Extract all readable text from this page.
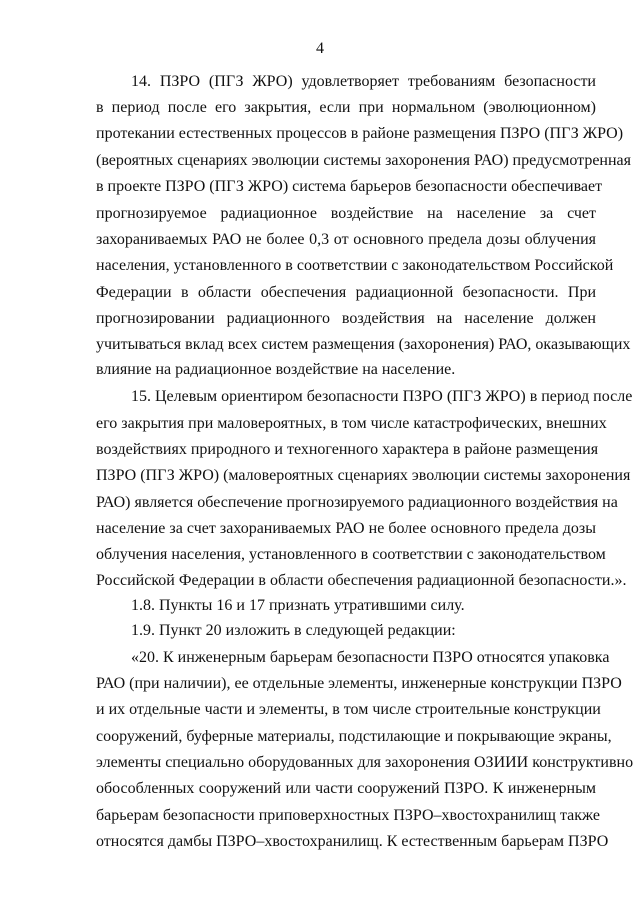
4
14. ПЗРО (ПГЗ ЖРО) удовлетворяет требованиям безопасности
в период после его закрытия, если при нормальном (эволюционном)
протекании естественных процессов в районе размещения ПЗРО (ПГЗ ЖРО)
(вероятных сценариях эволюции системы захоронения РАО) предусмотренная
в проекте ПЗРО (ПГЗ ЖРО) система барьеров безопасности обеспечивает
прогнозируемое радиационное воздействие на население за счет
захораниваемых РАО не более 0,3 от основного предела дозы облучения
населения, установленного в соответствии с законодательством Российской
Федерации в области обеспечения радиационной безопасности. При
прогнозировании радиационного воздействия на население должен
учитываться вклад всех систем размещения (захоронения) РАО, оказывающих
влияние на радиационное воздействие на население.
15. Целевым ориентиром безопасности ПЗРО (ПГЗ ЖРО) в период после
его закрытия при маловероятных, в том числе катастрофических, внешних
воздействиях природного и техногенного характера в районе размещения
ПЗРО (ПГЗ ЖРО) (маловероятных сценариях эволюции системы захоронения
РАО) является обеспечение прогнозируемого радиационного воздействия на
население за счет захораниваемых РАО не более основного предела дозы
облучения населения, установленного в соответствии с законодательством
Российской Федерации в области обеспечения радиационной безопасности.».
1.8. Пункты 16 и 17 признать утратившими силу.
1.9. Пункт 20 изложить в следующей редакции:
«20. К инженерным барьерам безопасности ПЗРО относятся упаковка
РАО (при наличии), ее отдельные элементы, инженерные конструкции ПЗРО
и их отдельные части и элементы, в том числе строительные конструкции
сооружений, буферные материалы, подстилающие и покрывающие экраны,
элементы специально оборудованных для захоронения ОЗИИИ конструктивно
обособленных сооружений или части сооружений ПЗРО. К инженерным
барьерам безопасности приповерхностных ПЗРО–хвостохранилищ также
относятся дамбы ПЗРО–хвостохранилищ. К естественным барьерам ПЗРО
